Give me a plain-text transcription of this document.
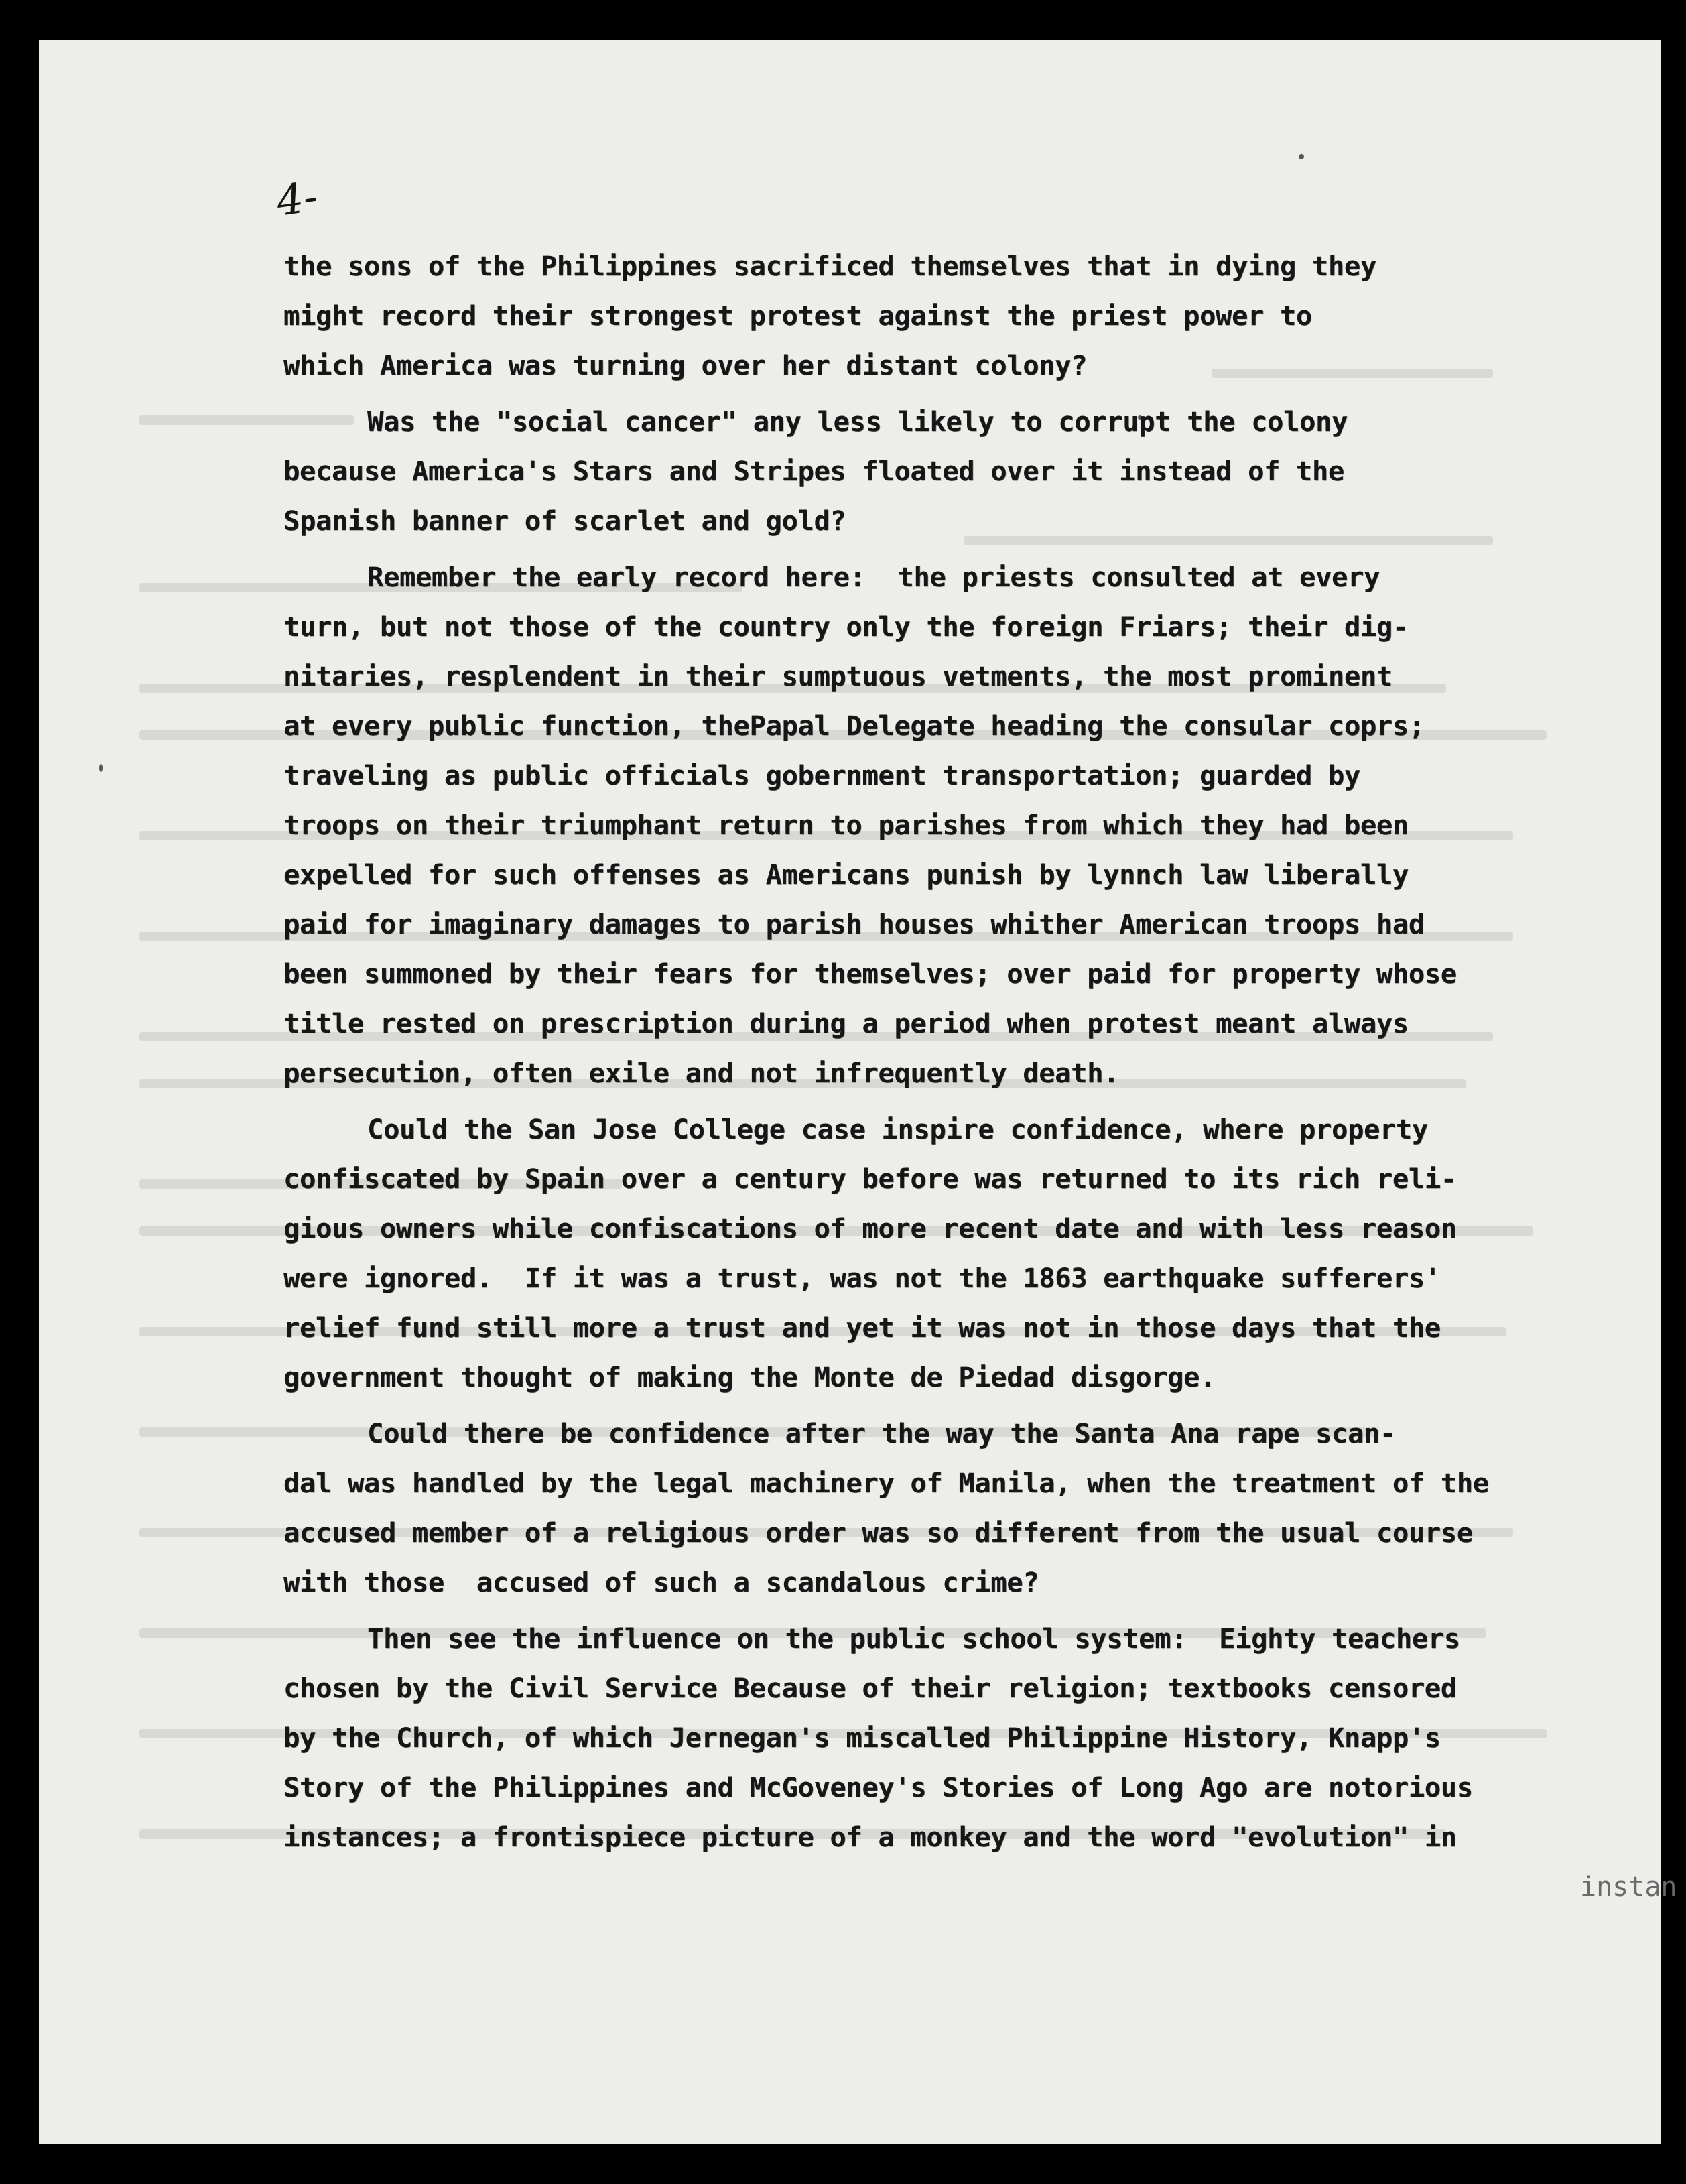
4-

the sons of the Philippines sacrificed themselves that in dying they
might record their strongest protest against the priest power to
which America was turning over her distant colony?

Was the "social cancer" any less likely to corrupt the colony
because America's Stars and Stripes floated over it instead of the
Spanish banner of scarlet and gold?

Remember the early record here:  the priests consulted at every
turn, but not those of the country only the foreign Friars; their dig-
nitaries, resplendent in their sumptuous vetments, the most prominent
at every public function, thePapal Delegate heading the consular coprs;
traveling as public officials gobernment transportation; guarded by
troops on their triumphant return to parishes from which they had been
expelled for such offenses as Americans punish by lynnch law liberally
paid for imaginary damages to parish houses whither American troops had
been summoned by their fears for themselves; over paid for property whose
title rested on prescription during a period when protest meant always
persecution, often exile and not infrequently death.

Could the San Jose College case inspire confidence, where property
confiscated by Spain over a century before was returned to its rich reli-
gious owners while confiscations of more recent date and with less reason
were ignored.  If it was a trust, was not the 1863 earthquake sufferers'
relief fund still more a trust and yet it was not in those days that the
government thought of making the Monte de Piedad disgorge.

Could there be confidence after the way the Santa Ana rape scan-
dal was handled by the legal machinery of Manila, when the treatment of the
accused member of a religious order was so different from the usual course
with those  accused of such a scandalous crime?

Then see the influence on the public school system:  Eighty teachers
chosen by the Civil Service Because of their religion; textbooks censored
by the Church, of which Jernegan's miscalled Philippine History, Knapp's
Story of the Philippines and McGoveney's Stories of Long Ago are notorious
instances; a frontispiece picture of a monkey and the word "evolution" in

instan
